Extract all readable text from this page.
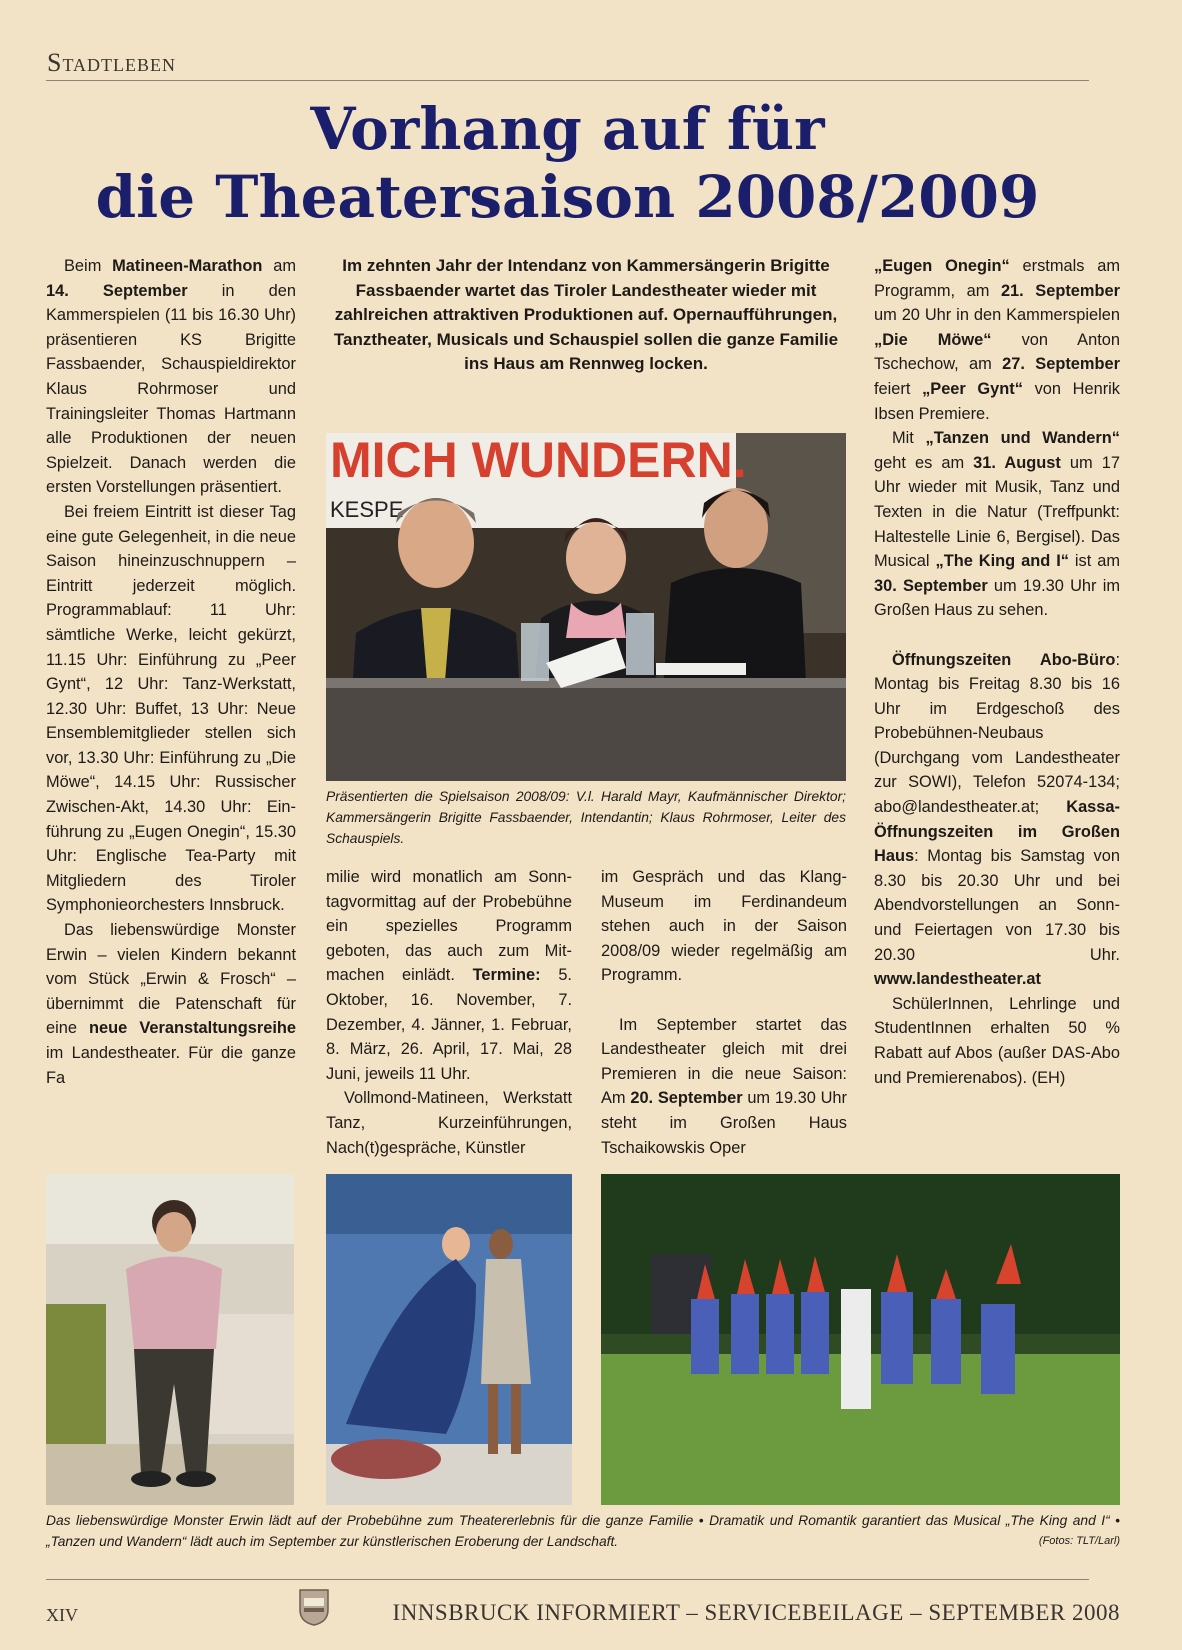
Stadtleben
Vorhang auf für
die Theatersaison 2008/2009

Beim Matineen-Marathon am 14. September in den Kammerspielen (11 bis 16.30 Uhr) präsentieren KS Brigitte Fassbaender, Schauspieldirektor Klaus Rohrmoser und Trainingsleiter Thomas Hartmann alle Produktionen der neuen Spielzeit. Danach werden die ersten Vorstellungen präsentiert.

Bei freiem Eintritt ist dieser Tag eine gute Gelegenheit, in die neue Saison hineinzuschnuppern – Eintritt jederzeit möglich. Programmablauf: 11 Uhr: sämtliche Werke, leicht gekürzt, 11.15 Uhr: Einführung zu „Peer Gynt“, 12 Uhr: Tanz-Werkstatt, 12.30 Uhr: Buffet, 13 Uhr: Neue Ensemblemitglieder stellen sich vor, 13.30 Uhr: Einführung zu „Die Möwe“, 14.15 Uhr: Russischer Zwischen-Akt, 14.30 Uhr: Einführung zu „Eugen Onegin“, 15.30 Uhr: Englische Tea-Party mit Mitgliedern des Tiroler Symphonieorchesters Innsbruck.

Das liebenswürdige Monster Erwin – vielen Kindern bekannt vom Stück „Erwin & Frosch“ – übernimmt die Patenschaft für eine neue Veranstaltungsreihe im Landestheater. Für die ganze Fa

Im zehnten Jahr der Intendanz von Kammersängerin Brigitte Fassbaender wartet das Tiroler Landestheater wieder mit zahlreichen attraktiven Produktionen auf. Opernaufführungen, Tanztheater, Musicals und Schauspiel sollen die ganze Familie ins Haus am Rennweg locken.
MICH WUNDERN.
KESPE
Präsentierten die Spielsaison 2008/09: V.l. Harald Mayr, Kaufmännischer Direktor; Kammersängerin Brigitte Fassbaender, Intendantin; Klaus Rohrmoser, Leiter des Schauspiels.

milie wird monatlich am Sonntagvormittag auf der Probebühne ein spezielles Programm geboten, das auch zum Mitmachen einlädt. Termine: 5. Oktober, 16. November, 7. Dezember, 4. Jänner, 1. Februar, 8. März, 26. April, 17. Mai, 28 Juni, jeweils 11 Uhr.

Vollmond-Matineen, Werkstatt Tanz, Kurzeinführungen, Nach(t)gespräche, Künstler

im Gespräch und das Klang-Museum im Ferdinandeum stehen auch in der Saison 2008/09 wieder regelmäßig am Programm.

Im September startet das Landestheater gleich mit drei Premieren in die neue Saison: Am 20. September um 19.30 Uhr steht im Großen Haus Tschaikowskis Oper

„Eugen Onegin“ erstmals am Programm, am 21. September um 20 Uhr in den Kammerspielen „Die Möwe“ von Anton Tschechow, am 27. September feiert „Peer Gynt“ von Henrik Ibsen Premiere.

Mit „Tanzen und Wandern“ geht es am 31. August um 17 Uhr wieder mit Musik, Tanz und Texten in die Natur (Treffpunkt: Haltestelle Linie 6, Bergisel). Das Musical „The King and I“ ist am 30. September um 19.30 Uhr im Großen Haus zu sehen.

Öffnungszeiten Abo-Büro: Montag bis Freitag 8.30 bis 16 Uhr im Erdgeschoß des Probebühnen-Neubaus (Durchgang vom Landestheater zur SOWI), Telefon 52074-134; abo@landestheater.at; Kassa-Öffnungszeiten im Großen Haus: Montag bis Samstag von 8.30 bis 20.30 Uhr und bei Abendvorstellungen an Sonn- und Feiertagen von 17.30 bis 20.30 Uhr. www.landestheater.at

SchülerInnen, Lehrlinge und StudentInnen erhalten 50 % Rabatt auf Abos (außer DAS-Abo und Premierenabos). (EH)

Das liebenswürdige Monster Erwin lädt auf der Probebühne zum Theatererlebnis für die ganze Familie • Dramatik und Romantik garantiert das Musical „The King and I“ • „Tanzen und Wandern“ lädt auch im September zur künstlerischen Eroberung der Landschaft.	(Fotos: TLT/Larl)
XIV	INNSBRUCK INFORMIERT – SERVICEBEILAGE – SEPTEMBER 2008
